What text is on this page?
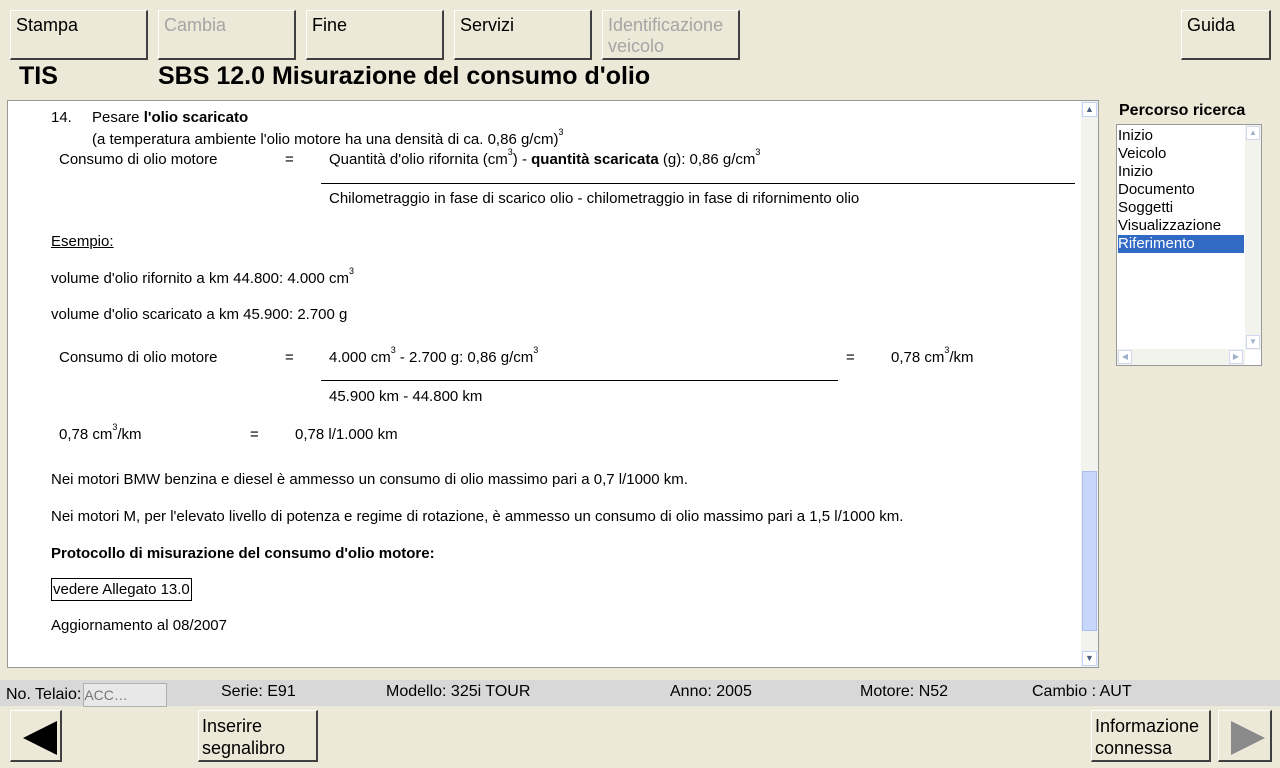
Stampa	Cambia	Fine	Servizi	Identificazione
veicolo
Guida
TIS	SBS 12.0 Misurazione del consumo d'olio
14. Pesare l'olio scaricato
(a temperatura ambiente l'olio motore ha una densità di ca. 0,86 g/cm)$^3$
Consumo di olio motore	= Quantità d'olio rifornita $(cm^3)$ - quantità scaricata (g): 0,86 $g/cm^3$
Chilometraggio in fase di scarico olio - chilometraggio in fase di rifornimento olio
Esempio:
volume d'olio rifornito a km 44.800: 4.000 $cm^3$
volume d'olio scaricato a km 45.900: 2.700 g
Consumo di olio motore	= 4.000 $cm^3 - 2.700$ g: 0,86 $g/cm^3$	= 0,78 $cm^3/km$
45.900 km - 44.800 km
0,78 $cm^3/km$	= 0,78 l/1.000 km
Nei motori BMW benzina e diesel è ammesso un consumo di olio massimo pari a 0,7 l/1000 km.
Nei motori M, per l'elevato livello di potenza e regime di rotazione, è ammesso un consumo di olio massimo pari a 1,5 l/1000 km.
Protocollo di misurazione del consumo d'olio motore:
vedere Allegato 13.0
Aggiornamento al 08/2007
▲
▼
Percorso ricerca
Inizio
Veicolo
Inizio
Documento
Soggetti
Visualizzazione
Riferimento
▲
▼
◀	▶
No. Telaio: ACC…	Serie: E91	Modello: 325i TOUR	Anno: 2005	Motore: N52	Cambio : AUT
Inserire
segnalibro
Informazione
connessa
